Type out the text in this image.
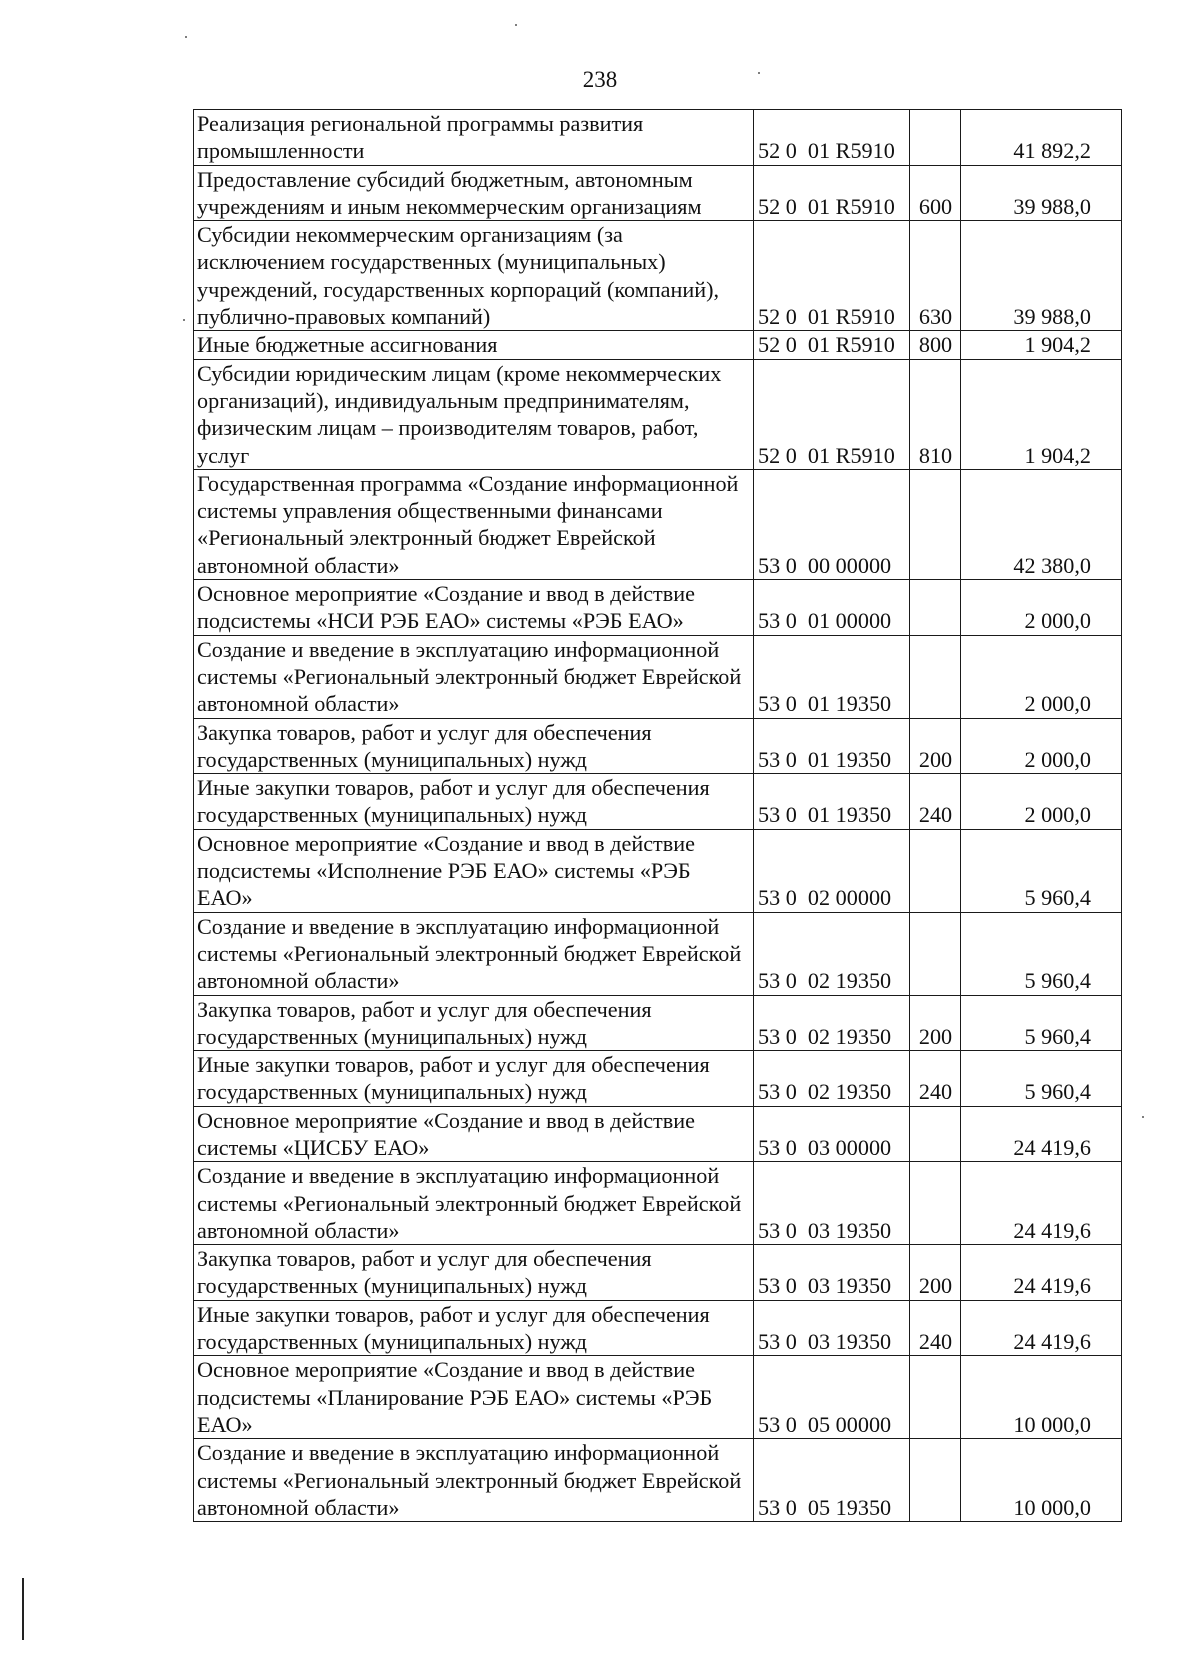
238
Реализация региональной программы развития промышленности	52 0  01 R5910		41 892,2
Предоставление субсидий бюджетным, автономным учреждениям и иным некоммерческим организациям	52 0  01 R5910	600	39 988,0
Субсидии некоммерческим организациям (за исключением государственных (муниципальных) учреждений, государственных корпораций (компаний), публично-правовых компаний)	52 0  01 R5910	630	39 988,0
Иные бюджетные ассигнования	52 0  01 R5910	800	1 904,2
Субсидии юридическим лицам (кроме некоммерческих организаций), индивидуальным предпринимателям, физическим лицам – производителям товаров, работ, услуг	52 0  01 R5910	810	1 904,2
Государственная программа «Создание информационной системы управления общественными финансами «Региональный электронный бюджет Еврейской автономной области»	53 0  00 00000		42 380,0
Основное мероприятие «Создание и ввод в действие подсистемы «НСИ РЭБ ЕАО» системы «РЭБ ЕАО»	53 0  01 00000		2 000,0
Создание и введение в эксплуатацию информационной системы «Региональный электронный бюджет Еврейской автономной области»	53 0  01 19350		2 000,0
Закупка товаров, работ и услуг для обеспечения государственных (муниципальных) нужд	53 0  01 19350	200	2 000,0
Иные закупки товаров, работ и услуг для обеспечения государственных (муниципальных) нужд	53 0  01 19350	240	2 000,0
Основное мероприятие «Создание и ввод в действие подсистемы «Исполнение РЭБ ЕАО» системы «РЭБ ЕАО»	53 0  02 00000		5 960,4
Создание и введение в эксплуатацию информационной системы «Региональный электронный бюджет Еврейской автономной области»	53 0  02 19350		5 960,4
Закупка товаров, работ и услуг для обеспечения государственных (муниципальных) нужд	53 0  02 19350	200	5 960,4
Иные закупки товаров, работ и услуг для обеспечения государственных (муниципальных) нужд	53 0  02 19350	240	5 960,4
Основное мероприятие «Создание и ввод в действие системы «ЦИСБУ ЕАО»	53 0  03 00000		24 419,6
Создание и введение в эксплуатацию информационной системы «Региональный электронный бюджет Еврейской автономной области»	53 0  03 19350		24 419,6
Закупка товаров, работ и услуг для обеспечения государственных (муниципальных) нужд	53 0  03 19350	200	24 419,6
Иные закупки товаров, работ и услуг для обеспечения государственных (муниципальных) нужд	53 0  03 19350	240	24 419,6
Основное мероприятие «Создание и ввод в действие подсистемы «Планирование РЭБ ЕАО» системы «РЭБ ЕАО»	53 0  05 00000		10 000,0
Создание и введение в эксплуатацию информационной системы «Региональный электронный бюджет Еврейской автономной области»	53 0  05 19350		10 000,0
